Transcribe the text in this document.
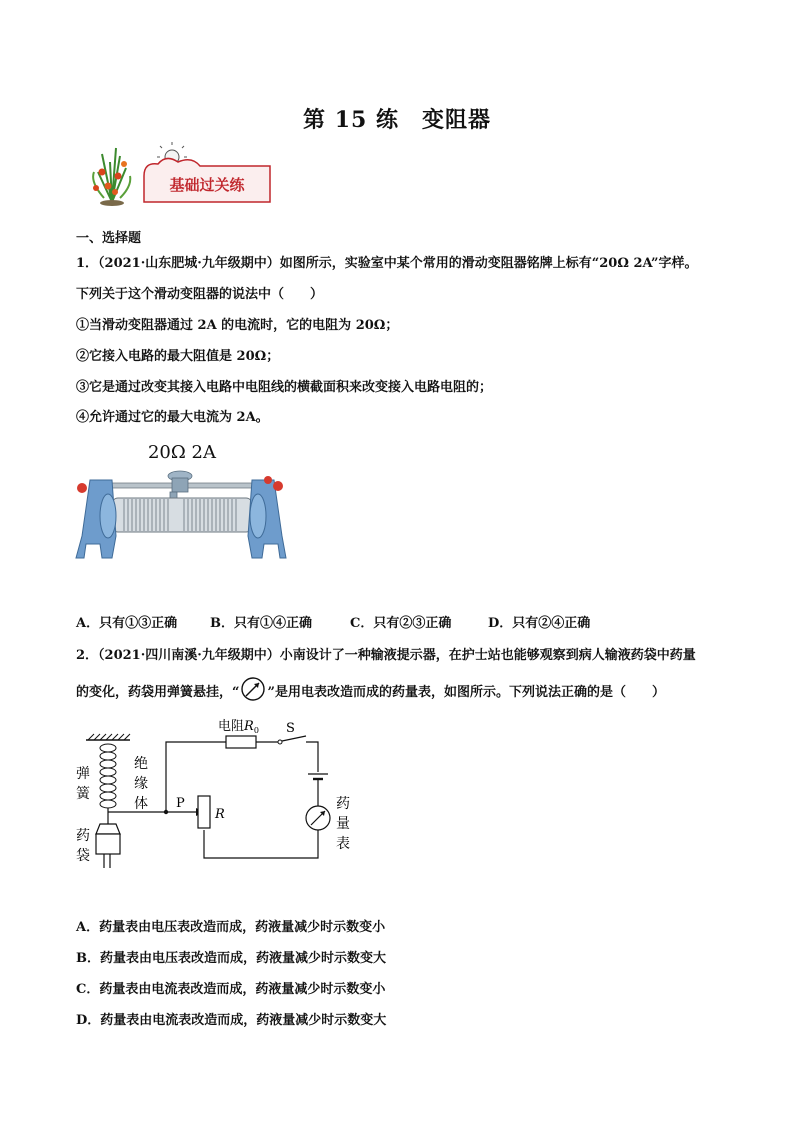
第 15 练　变阻器
基础过关练
一、选择题
1．（2021·山东肥城·九年级期中）如图所示，实验室中某个常用的滑动变阻器铭牌上标有“20Ω 2A”字样。
下列关于这个滑动变阻器的说法中（　　）
①当滑动变阻器通过 2A 的电流时，它的电阻为 20Ω；
②它接入电路的最大阻值是 20Ω；
③它是通过改变其接入电路中电阻线的横截面积来改变接入电路电阻的；
④允许通过它的最大电流为 2A。
20Ω 2A
A．只有①③正确	B．只有①④正确	C．只有②③正确	D．只有②④正确
2．（2021·四川南溪·九年级期中）小南设计了一种输液提示器，在护士站也能够观察到病人输液药袋中药量
的变化，药袋用弹簧悬挂，“ ”是用电表改造而成的药量表，如图所示。下列说法正确的是（　　）
弹
簧
绝
缘
体
药
袋
P
电阻$R_0$ S
R
药
量
表
A．药量表由电压表改造而成，药液量减少时示数变小
B．药量表由电压表改造而成，药液量减少时示数变大
C．药量表由电流表改造而成，药液量减少时示数变小
D．药量表由电流表改造而成，药液量减少时示数变大
